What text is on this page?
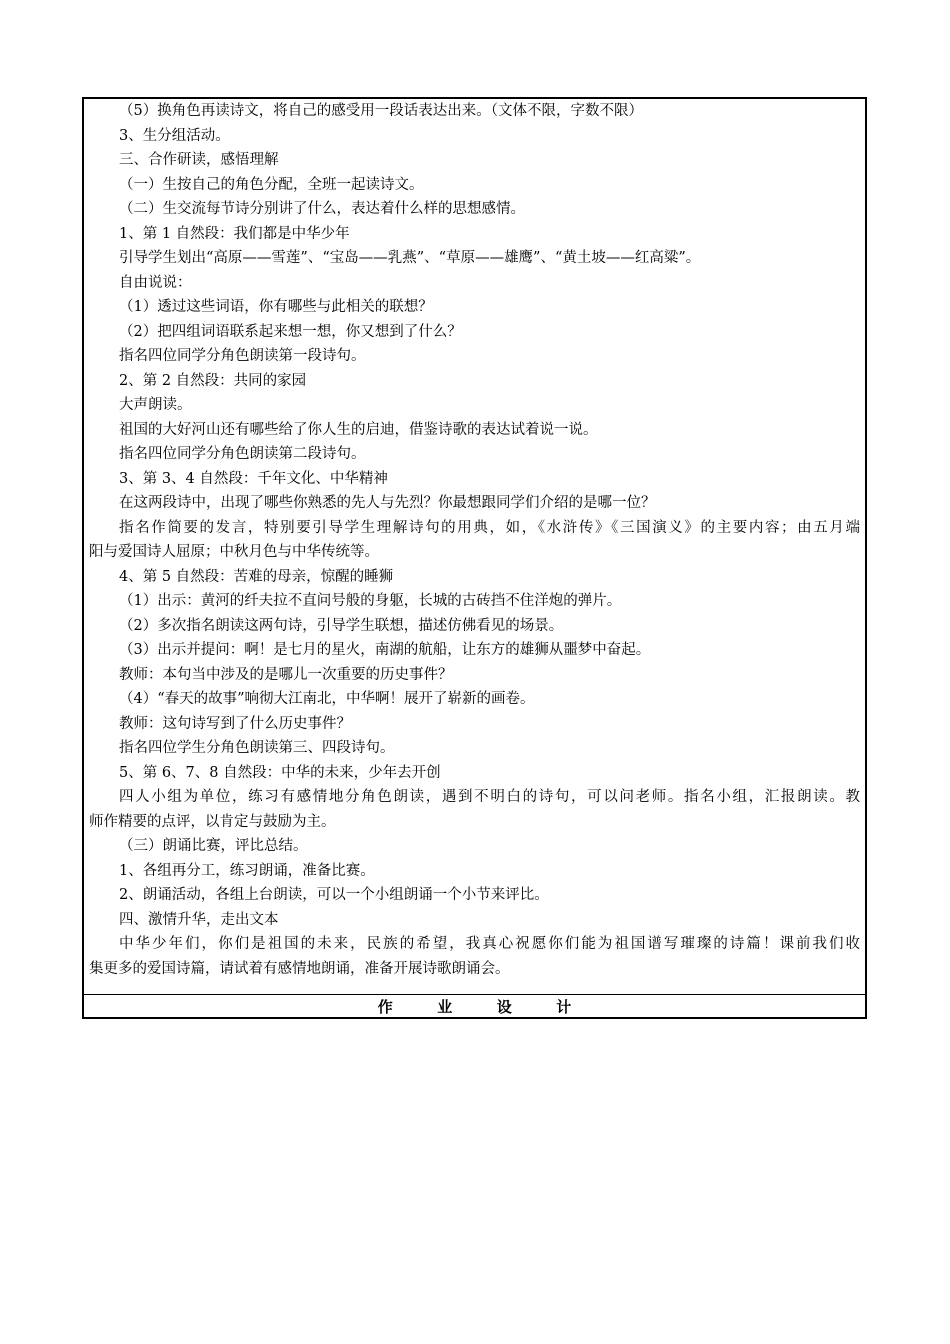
（5）换角色再读诗文，将自己的感受用一段话表达出来。（文体不限，字数不限）
3、生分组活动。
三、合作研读，感悟理解
（一）生按自己的角色分配，全班一起读诗文。
（二）生交流每节诗分别讲了什么，表达着什么样的思想感情。
1、第 1 自然段：我们都是中华少年
引导学生划出“高原——雪莲”、“宝岛——乳燕”、“草原——雄鹰”、“黄土坡——红高粱”。
自由说说：
（1）透过这些词语，你有哪些与此相关的联想？
（2）把四组词语联系起来想一想，你又想到了什么？
指名四位同学分角色朗读第一段诗句。
2、第 2 自然段：共同的家园
大声朗读。
祖国的大好河山还有哪些给了你人生的启迪，借鉴诗歌的表达试着说一说。
指名四位同学分角色朗读第二段诗句。
3、第 3、4 自然段：千年文化、中华精神
在这两段诗中，出现了哪些你熟悉的先人与先烈？你最想跟同学们介绍的是哪一位？
指名作简要的发言，特别要引导学生理解诗句的用典，如，《水浒传》《三国演义》的主要内容；由五月端
阳与爱国诗人屈原；中秋月色与中华传统等。
4、第 5 自然段：苦难的母亲，惊醒的睡狮
（1）出示：黄河的纤夫拉不直问号般的身躯，长城的古砖挡不住洋炮的弹片。
（2）多次指名朗读这两句诗，引导学生联想，描述仿佛看见的场景。
（3）出示并提问：啊！是七月的星火，南湖的航船，让东方的雄狮从噩梦中奋起。
教师：本句当中涉及的是哪儿一次重要的历史事件？
（4）“春天的故事”响彻大江南北，中华啊！展开了崭新的画卷。
教师：这句诗写到了什么历史事件？
指名四位学生分角色朗读第三、四段诗句。
5、第 6、7、8 自然段：中华的未来，少年去开创
四人小组为单位，练习有感情地分角色朗读，遇到不明白的诗句，可以问老师。指名小组，汇报朗读。教
师作精要的点评，以肯定与鼓励为主。
（三）朗诵比赛，评比总结。
1、各组再分工，练习朗诵，准备比赛。
2、朗诵活动，各组上台朗读，可以一个小组朗诵一个小节来评比。
四、激情升华，走出文本
中华少年们，你们是祖国的未来，民族的希望，我真心祝愿你们能为祖国谱写璀璨的诗篇！课前我们收
集更多的爱国诗篇，请试着有感情地朗诵，准备开展诗歌朗诵会。
作	业	设	计
